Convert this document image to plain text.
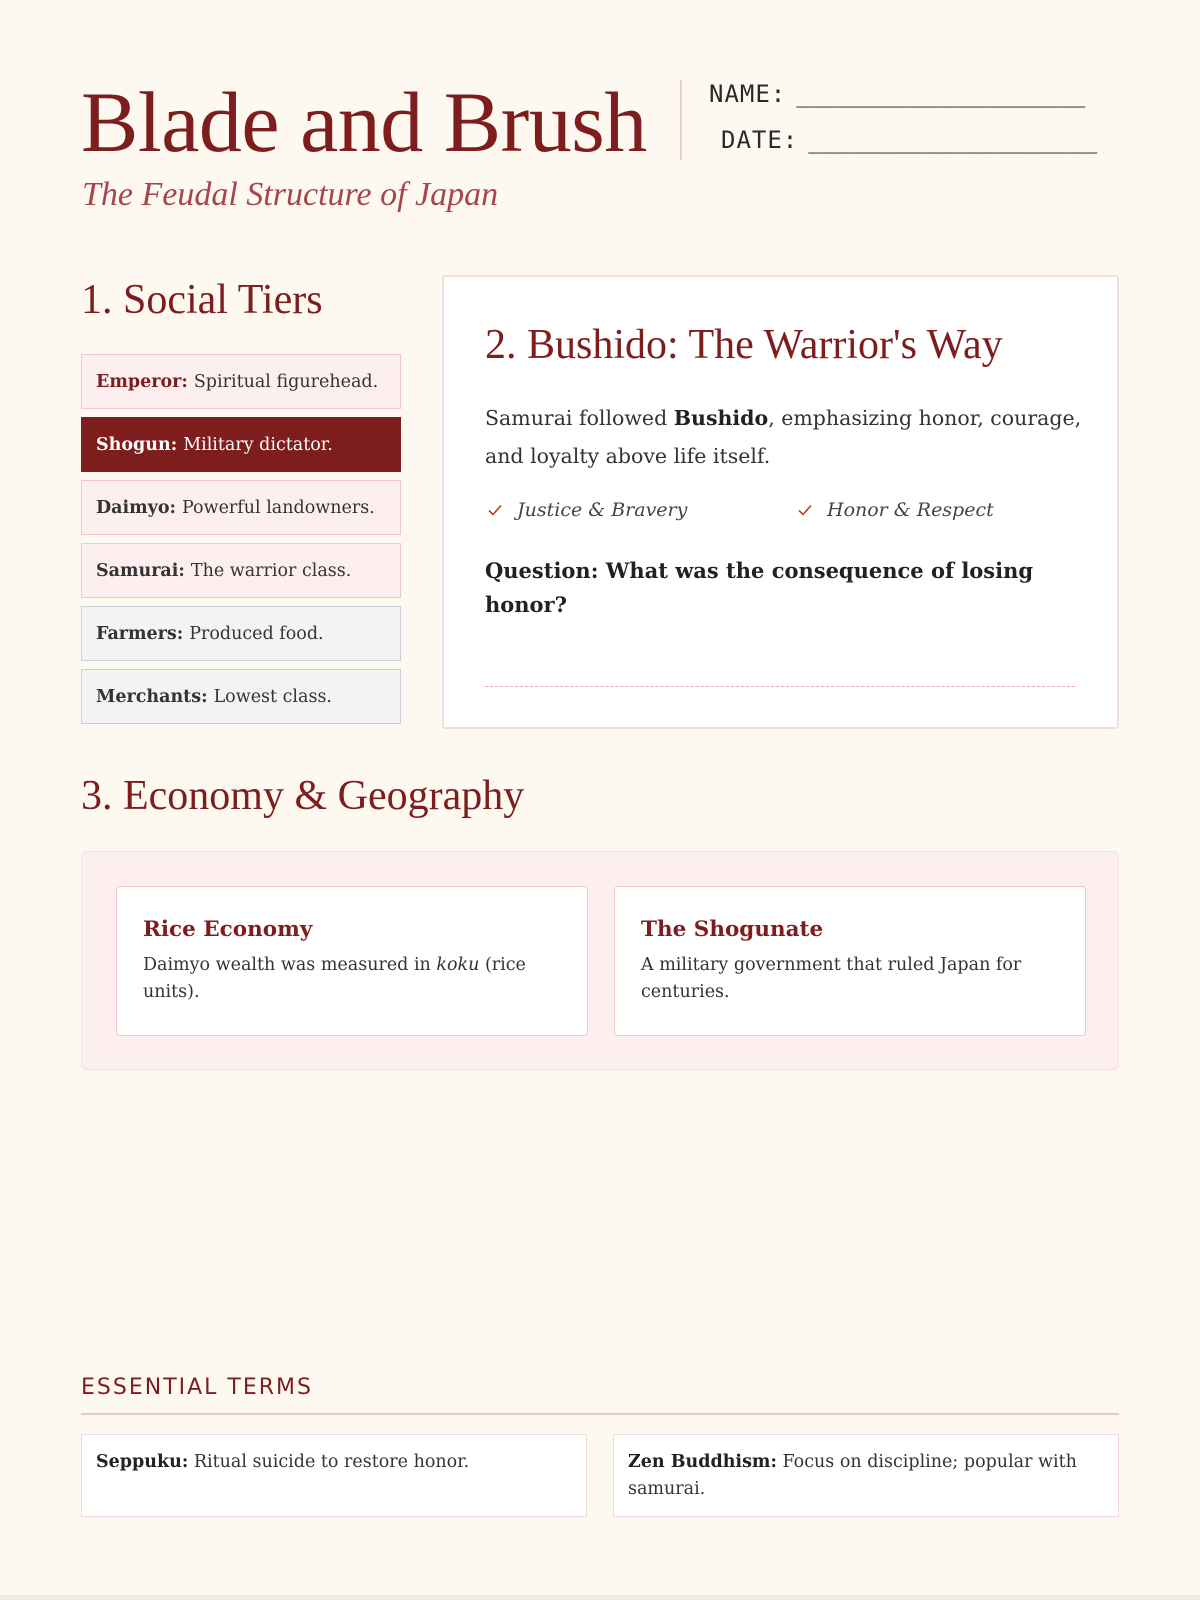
Blade and Brush
The Feudal Structure of Japan
NAME: ____________________
DATE: ____________________
1. Social Tiers
Emperor: Spiritual figurehead.
Shogun: Military dictator.
Daimyo: Powerful landowners.
Samurai: The warrior class.
Farmers: Produced food.
Merchants: Lowest class.
2. Bushido: The Warrior's Way
Samurai followed Bushido, emphasizing honor, courage, and loyalty above life itself.
Justice & Bravery	Honor & Respect
Question: What was the consequence of losing honor?
3. Economy & Geography
Rice Economy
Daimyo wealth was measured in koku (rice units).
The Shogunate
A military government that ruled Japan for centuries.
ESSENTIAL TERMS
Seppuku: Ritual suicide to restore honor.	Zen Buddhism: Focus on discipline; popular with samurai.
